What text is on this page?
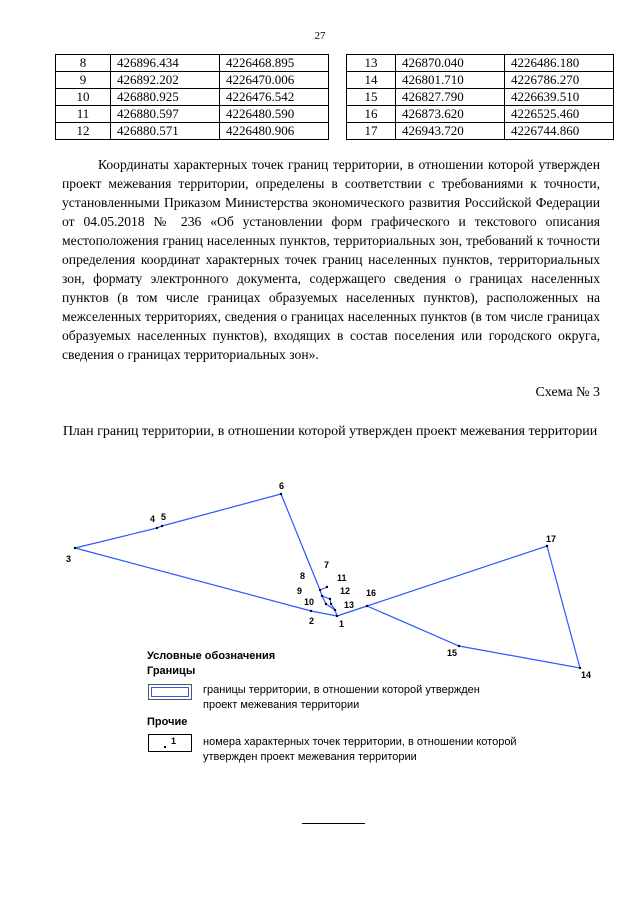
27
8	426896.434	4226468.895
9	426892.202	4226470.006
10	426880.925	4226476.542
11	426880.597	4226480.590
12	426880.571	4226480.906
13	426870.040	4226486.180
14	426801.710	4226786.270
15	426827.790	4226639.510
16	426873.620	4226525.460
17	426943.720	4226744.860

Координаты характерных точек границ территории, в отношении которой утвержден проект межевания территории, определены в соответствии с требованиями к точности, установленными Приказом Министерства экономического развития Российской Федерации от 04.05.2018 № 236 «Об установлении форм графического и текстового описания местоположения границ населенных пунктов, территориальных зон, требований к точности определения координат характерных точек границ населенных пунктов, территориальных зон, формату электронного документа, содержащего сведения о границах населенных пунктов (в том числе границах образуемых населенных пунктов), расположенных на межселенных территориях, сведения о границах населенных пунктов (в том числе границах образуемых населенных пунктов), входящих в состав поселения или городского округа, сведения о границах территориальных зон».

Схема № 3
План границ территории, в отношении которой утвержден проект межевания территории
1
2
3
4 5
6
7
8
9
10
11
12
13
14
15
16
17
Условные обозначения
Границы
границы территории, в отношении которой утвержден
проект межевания территории
Прочие
1 номера характерных точек территории, в отношении которой
утвержден проект межевания территории
